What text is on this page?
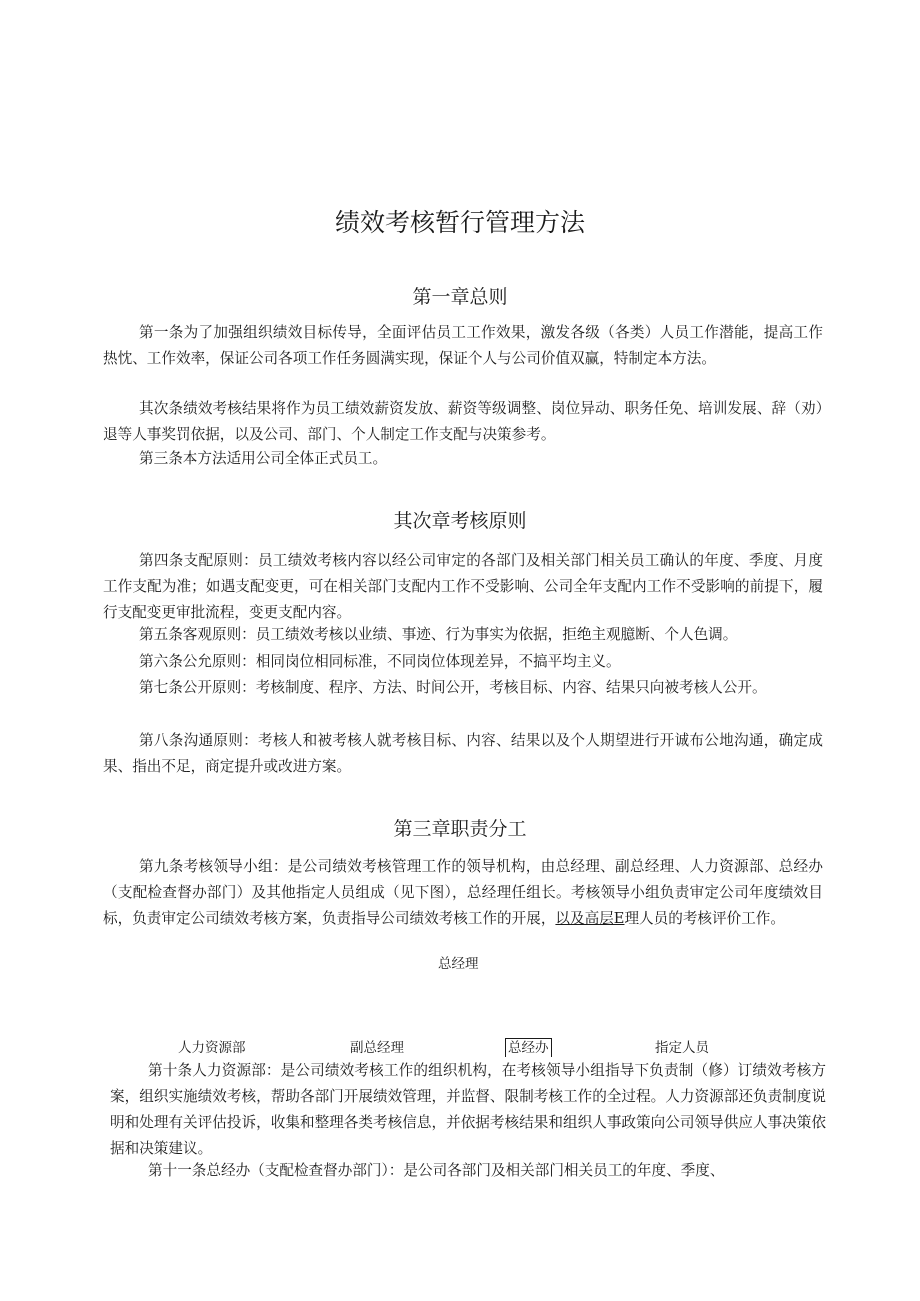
绩效考核暂行管理方法
第一章总则
第一条为了加强组织绩效目标传导，全面评估员工工作效果，激发各级（各类）人员工作潜能，提高工作热忱、工作效率，保证公司各项工作任务圆满实现，保证个人与公司价值双赢，特制定本方法。
其次条绩效考核结果将作为员工绩效薪资发放、薪资等级调整、岗位异动、职务任免、培训发展、辞（劝）退等人事奖罚依据，以及公司、部门、个人制定工作支配与决策参考。
第三条本方法适用公司全体正式员工。
其次章考核原则
第四条支配原则：员工绩效考核内容以经公司审定的各部门及相关部门相关员工确认的年度、季度、月度工作支配为准；如遇支配变更，可在相关部门支配内工作不受影响、公司全年支配内工作不受影响的前提下，履行支配变更审批流程，变更支配内容。
第五条客观原则：员工绩效考核以业绩、事迹、行为事实为依据，拒绝主观臆断、个人色调。
第六条公允原则：相同岗位相同标准，不同岗位体现差异，不搞平均主义。
第七条公开原则：考核制度、程序、方法、时间公开，考核目标、内容、结果只向被考核人公开。
第八条沟通原则：考核人和被考核人就考核目标、内容、结果以及个人期望进行开诚布公地沟通，确定成果、指出不足，商定提升或改进方案。
第三章职责分工
第九条考核领导小组：是公司绩效考核管理工作的领导机构，由总经理、副总经理、人力资源部、总经办（支配检查督办部门）及其他指定人员组成（见下图），总经理任组长。考核领导小组负责审定公司年度绩效目标，负责审定公司绩效考核方案，负责指导公司绩效考核工作的开展，以及高层E理人员的考核评价工作。
总经理
人力资源部	副总经理	总经办	指定人员
第十条人力资源部：是公司绩效考核工作的组织机构，在考核领导小组指导下负责制（修）订绩效考核方案，组织实施绩效考核，帮助各部门开展绩效管理，并监督、限制考核工作的全过程。人力资源部还负责制度说明和处理有关评估投诉，收集和整理各类考核信息，并依据考核结果和组织人事政策向公司领导供应人事决策依据和决策建议。
第十一条总经办（支配检查督办部门）：是公司各部门及相关部门相关员工的年度、季度、
